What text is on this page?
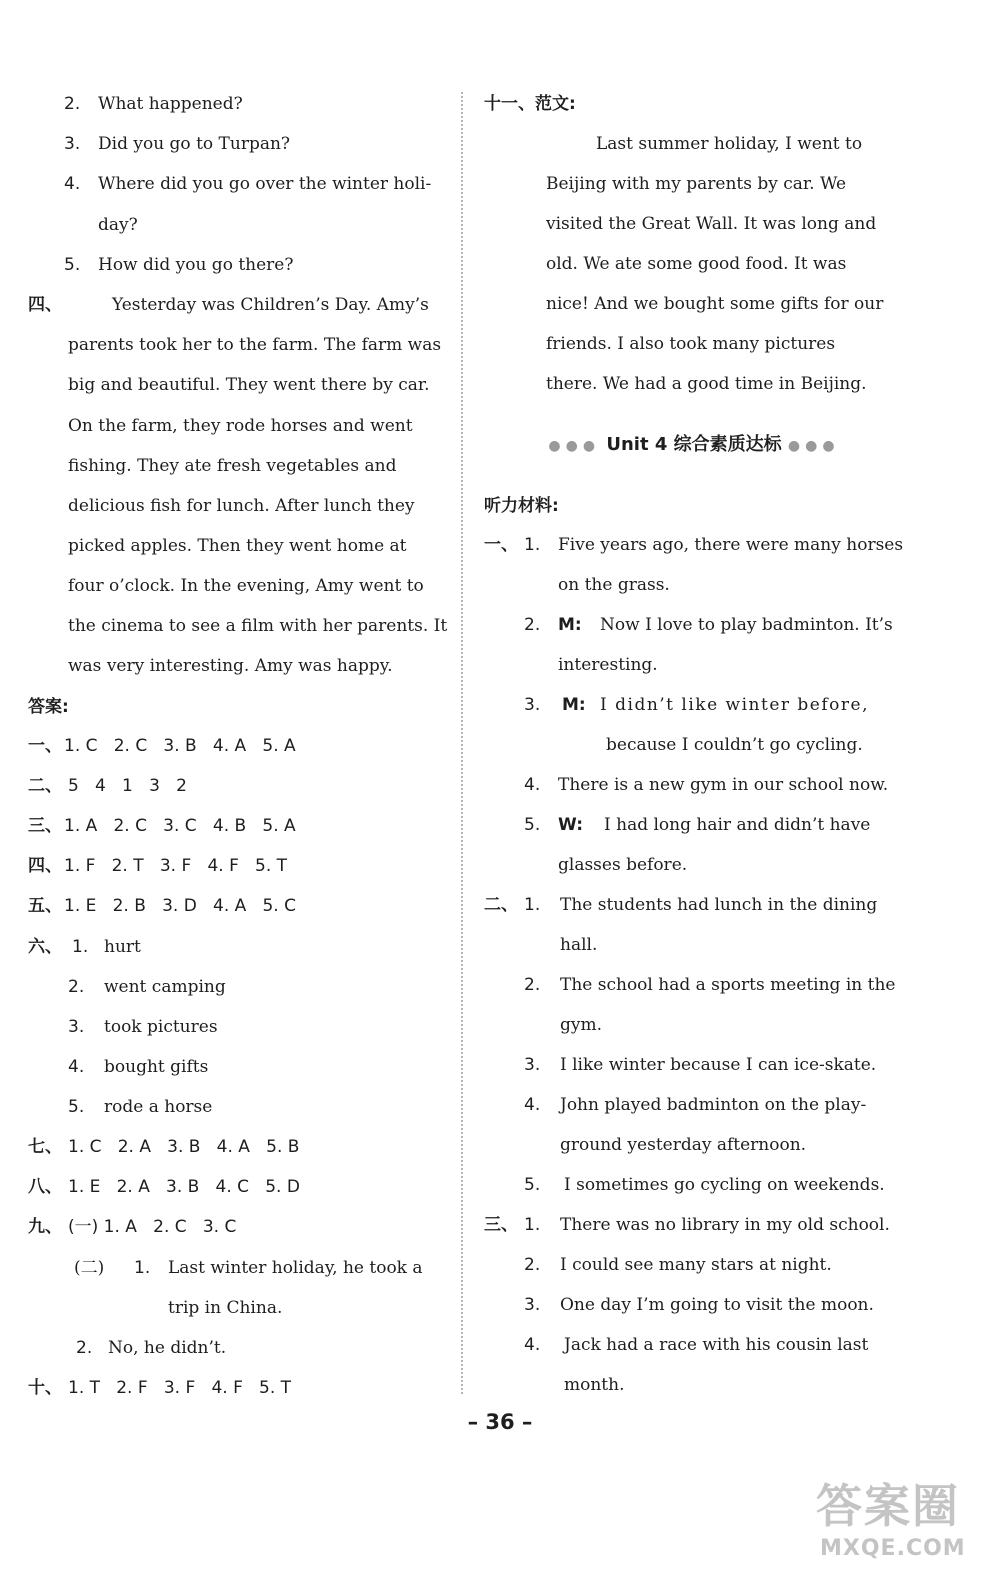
2. What happened?
3. Did you go to Turpan?
4. Where did you go over the winter holi-
day?
5. How did you go there?
四、	Yesterday was Children’s Day. Amy’s
parents took her to the farm. The farm was
big and beautiful. They went there by car.
On the farm, they rode horses and went
fishing. They ate fresh vegetables and
delicious fish for lunch. After lunch they
picked apples. Then they went home at
four o’clock. In the evening, Amy went to
the cinema to see a film with her parents. It
was very interesting. Amy was happy.
答案:
一、 1. C   2. C   3. B   4. A   5. A
二、 5   4   1   3   2
三、 1. A   2. C   3. C   4. B   5. A
四、 1. F   2. T   3. F   4. F   5. T
五、 1. E   2. B   3. D   4. A   5. C
六、 1. hurt
2. went camping
3. took pictures
4. bought gifts
5. rode a horse
七、 1. C   2. A   3. B   4. A   5. B
八、 1. E   2. A   3. B   4. C   5. D
九、 (一) 1. A   2. C   3. C
(二) 1. Last winter holiday, he took a
trip in China.
2. No, he didn’t.
十、 1. T   2. F   3. F   4. F   5. T
十一、范文:
Last summer holiday, I went to
Beijing with my parents by car. We
visited the Great Wall. It was long and
old. We ate some good food. It was
nice! And we bought some gifts for our
friends. I also took many pictures
there. We had a good time in Beijing.
●●● Unit 4 综合素质达标 ●●●
听力材料:
一、 1. Five years ago, there were many horses
on the grass.
2. M: Now I love to play badminton. It’s
interesting.
3. M: I didn’t like winter before,
because I couldn’t go cycling.
4. There is a new gym in our school now.
5. W: I had long hair and didn’t have
glasses before.
二、 1. The students had lunch in the dining
hall.
2. The school had a sports meeting in the
gym.
3. I like winter because I can ice-skate.
4. John played badminton on the play-
ground yesterday afternoon.
5. I sometimes go cycling on weekends.
三、 1. There was no library in my old school.
2. I could see many stars at night.
3. One day I’m going to visit the moon.
4. Jack had a race with his cousin last
month.
– 36 –
答案圈
MXQE.COM
